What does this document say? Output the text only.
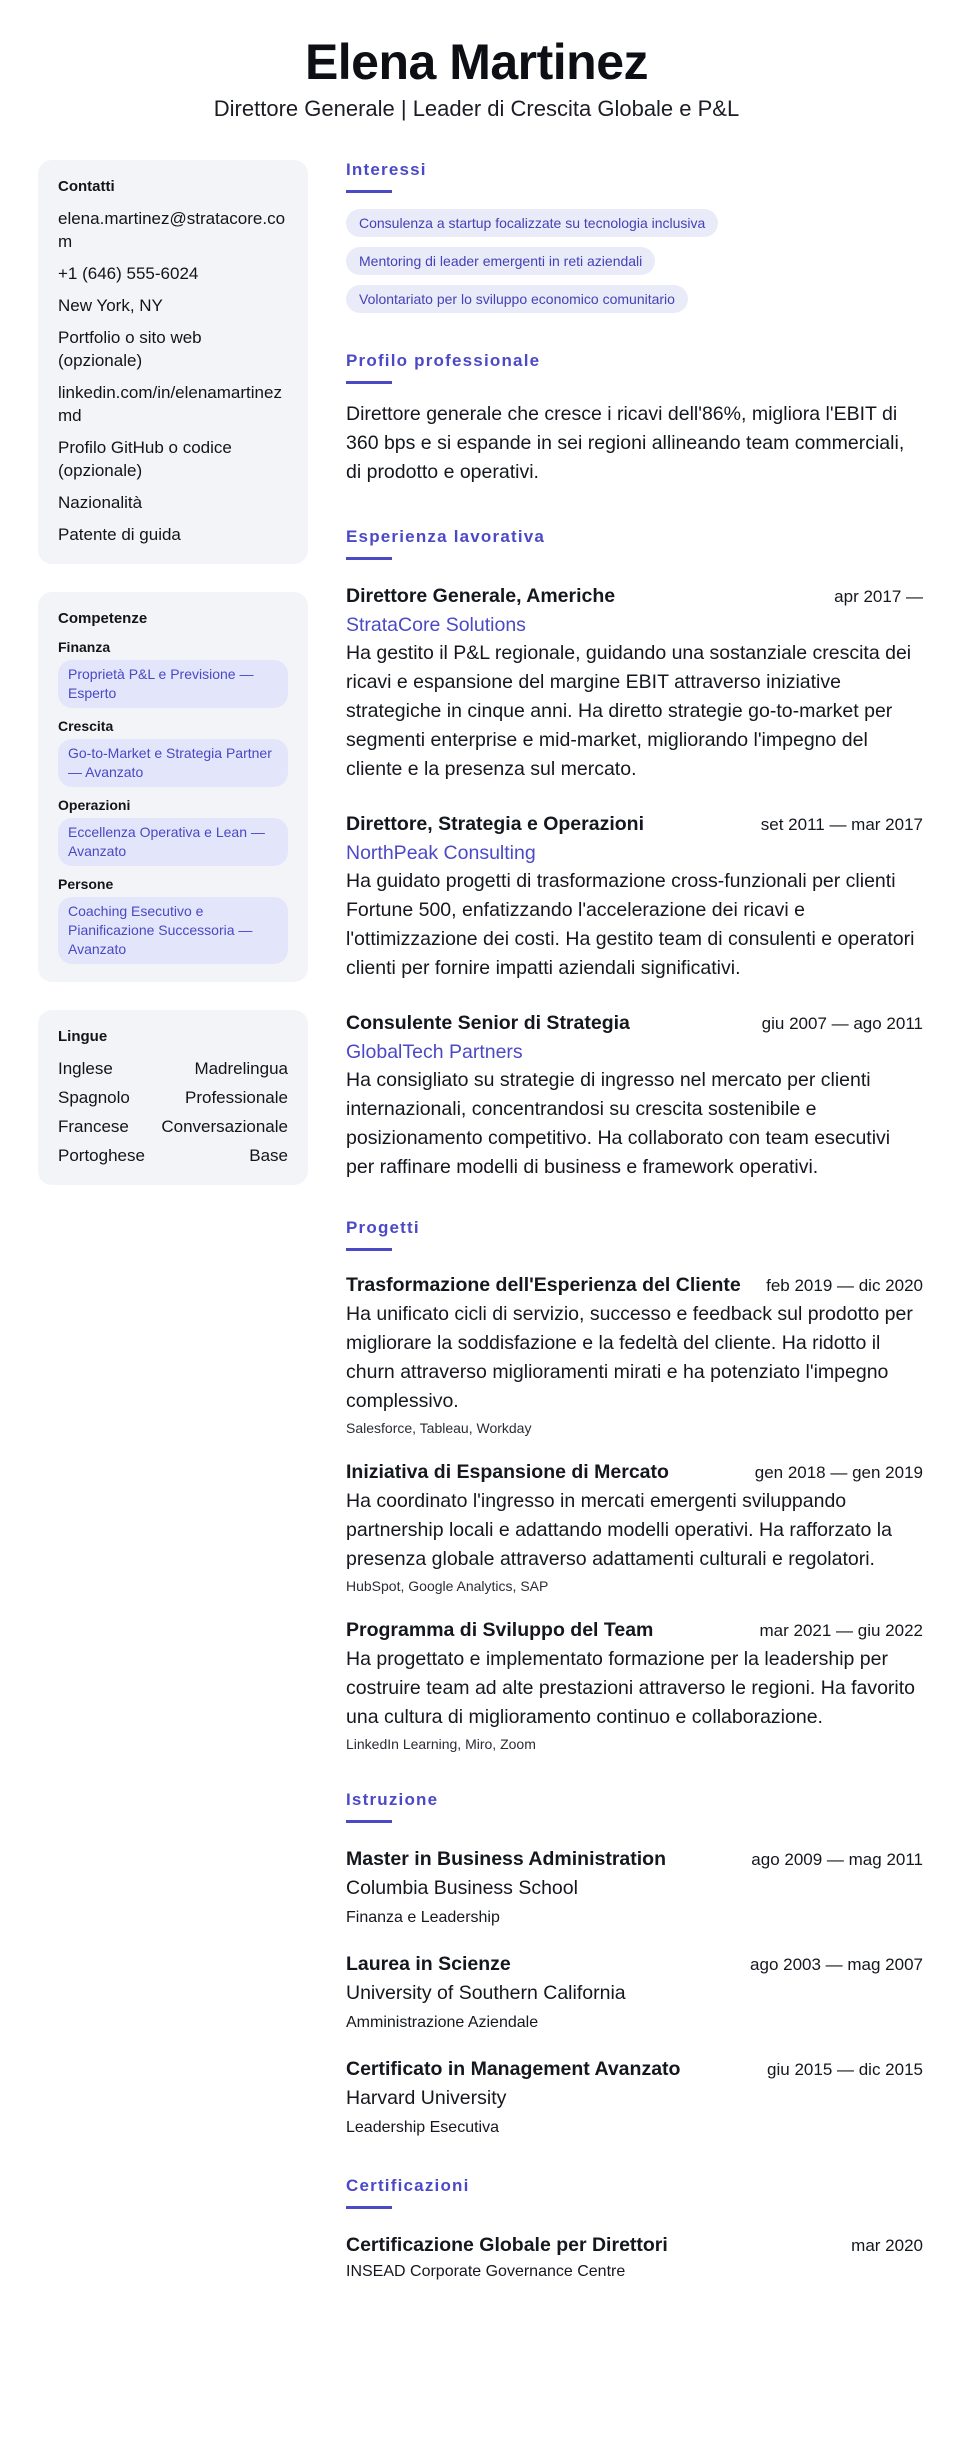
Elena Martinez
Direttore Generale | Leader di Crescita Globale e P&L
Contatti
elena.martinez@stratacore.com
+1 (646) 555-6024
New York, NY
Portfolio o sito web (opzionale)
linkedin.com/in/elenamartinezmd
Profilo GitHub o codice (opzionale)
Nazionalità
Patente di guida
Competenze
Finanza
Proprietà P&L e Previsione — Esperto
Crescita
Go-to-Market e Strategia Partner — Avanzato
Operazioni
Eccellenza Operativa e Lean — Avanzato
Persone
Coaching Esecutivo e Pianificazione Successoria — Avanzato
Lingue
Inglese	Madrelingua
Spagnolo	Professionale
Francese Conversazionale
Portoghese	Base
Interessi
Consulenza a startup focalizzate su tecnologia inclusiva
Mentoring di leader emergenti in reti aziendali
Volontariato per lo sviluppo economico comunitario
Profilo professionale

Direttore generale che cresce i ricavi dell'86%, migliora l'EBIT di 360 bps e si espande in sei regioni allineando team commerciali, di prodotto e operativi.

Esperienza lavorativa
Direttore Generale, Americhe	apr 2017 —
StrataCore Solutions

Ha gestito il P&L regionale, guidando una sostanziale crescita dei ricavi e espansione del margine EBIT attraverso iniziative strategiche in cinque anni. Ha diretto strategie go-to-market per segmenti enterprise e mid-market, migliorando l'impegno del cliente e la presenza sul mercato.

Direttore, Strategia e Operazioni	set 2011 — mar 2017
NorthPeak Consulting

Ha guidato progetti di trasformazione cross-funzionali per clienti Fortune 500, enfatizzando l'accelerazione dei ricavi e l'ottimizzazione dei costi. Ha gestito team di consulenti e operatori clienti per fornire impatti aziendali significativi.

Consulente Senior di Strategia	giu 2007 — ago 2011
GlobalTech Partners

Ha consigliato su strategie di ingresso nel mercato per clienti internazionali, concentrandosi su crescita sostenibile e posizionamento competitivo. Ha collaborato con team esecutivi per raffinare modelli di business e framework operativi.

Progetti
Trasformazione dell'Esperienza del Cliente feb 2019 — dic 2020

Ha unificato cicli di servizio, successo e feedback sul prodotto per migliorare la soddisfazione e la fedeltà del cliente. Ha ridotto il churn attraverso miglioramenti mirati e ha potenziato l'impegno complessivo.

Salesforce, Tableau, Workday
Iniziativa di Espansione di Mercato	gen 2018 — gen 2019

Ha coordinato l'ingresso in mercati emergenti sviluppando partnership locali e adattando modelli operativi. Ha rafforzato la presenza globale attraverso adattamenti culturali e regolatori.

HubSpot, Google Analytics, SAP
Programma di Sviluppo del Team	mar 2021 — giu 2022

Ha progettato e implementato formazione per la leadership per costruire team ad alte prestazioni attraverso le regioni. Ha favorito una cultura di miglioramento continuo e collaborazione.

LinkedIn Learning, Miro, Zoom
Istruzione
Master in Business Administration	ago 2009 — mag 2011
Columbia Business School
Finanza e Leadership
Laurea in Scienze	ago 2003 — mag 2007
University of Southern California
Amministrazione Aziendale
Certificato in Management Avanzato	giu 2015 — dic 2015
Harvard University
Leadership Esecutiva
Certificazioni
Certificazione Globale per Direttori	mar 2020
INSEAD Corporate Governance Centre
